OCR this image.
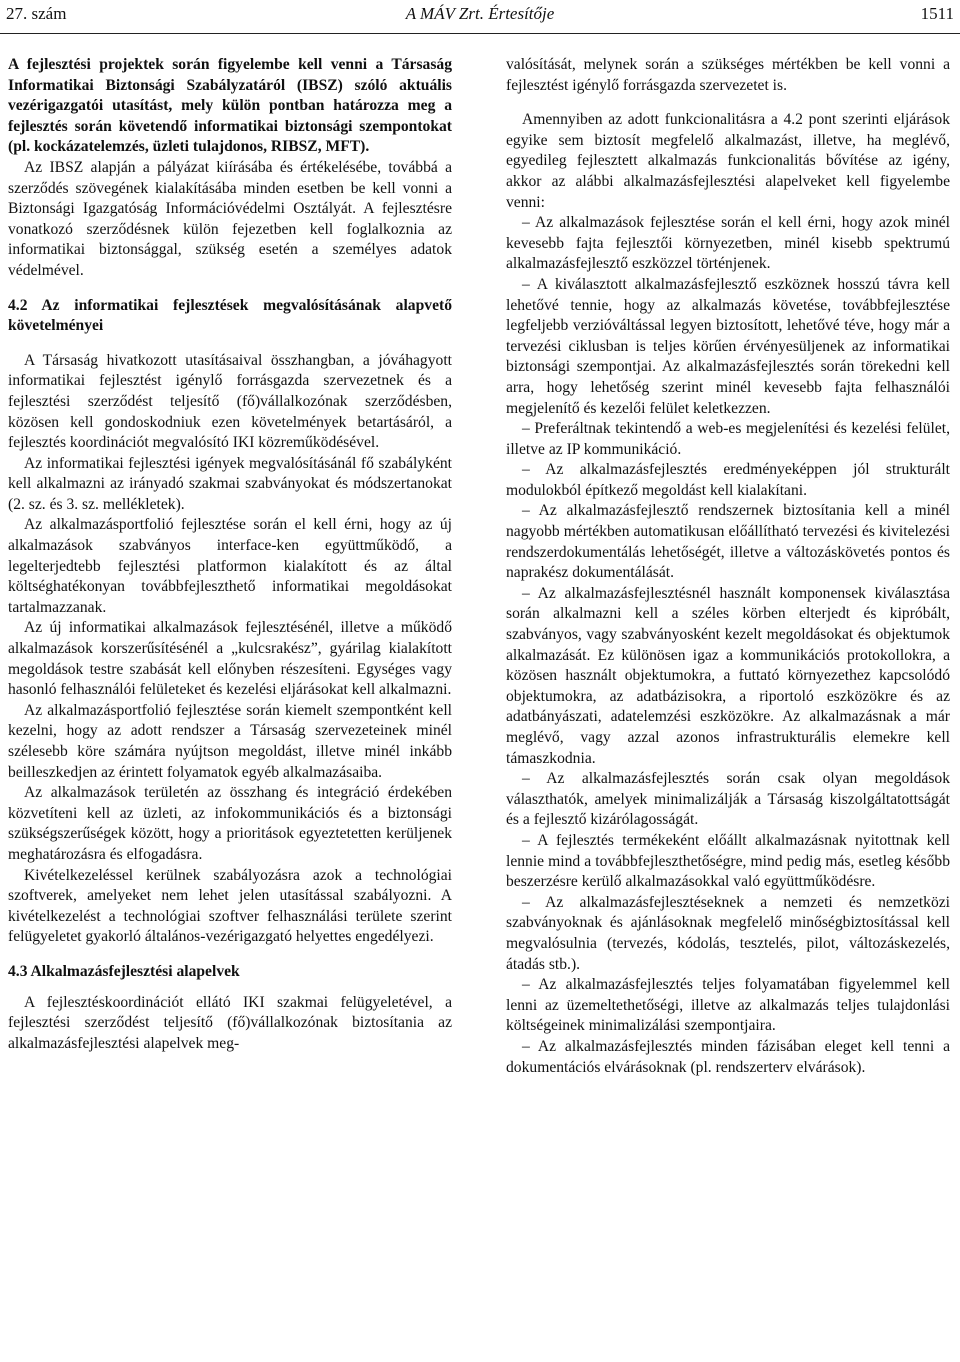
27. szám	A MÁV Zrt. Értesítője	1511

A fejlesztési projektek során figyelembe kell venni a Társaság Informatikai Biztonsági Szabályzatáról (IBSZ) szóló aktuális vezérigazgatói utasítást, mely külön pontban határozza meg a fejlesztés során követendő informatikai biztonsági szempontokat (pl. kockázatelemzés, üzleti tulajdonos, RIBSZ, MFT).

Az IBSZ alapján a pályázat kiírásába és értékelésébe, továbbá a szerződés szövegének kialakításába minden esetben be kell vonni a Biztonsági Igazgatóság Információvédelmi Osztályát. A fejlesztésre vonatkozó szerződésnek külön fejezetben kell foglalkoznia az informatikai biztonsággal, szükség esetén a személyes adatok védelmével.

4.2 Az informatikai fejlesztések megvalósításának alapvető követelményei

A Társaság hivatkozott utasításaival összhangban, a jóváhagyott informatikai fejlesztést igénylő forrásgazda szervezetnek és a fejlesztési szerződést teljesítő (fő)vállalkozónak szerződésben, közösen kell gondoskodniuk ezen követelmények betartásáról, a fejlesztés koordinációt megvalósító IKI közreműködésével.

Az informatikai fejlesztési igények megvalósításánál fő szabályként kell alkalmazni az irányadó szakmai szabványokat és módszertanokat (2. sz. és 3. sz. mellékletek).

Az alkalmazásportfolió fejlesztése során el kell érni, hogy az új alkalmazások szabványos interface-ken együttműködő, a legelterjedtebb fejlesztési platformon kialakított és az által költséghatékonyan továbbfejleszthető informatikai megoldásokat tartalmazzanak.

Az új informatikai alkalmazások fejlesztésénél, illetve a működő alkalmazások korszerűsítésénél a „kulcsrakész”, gyárilag kialakított megoldások testre szabását kell előnyben részesíteni. Egységes vagy hasonló felhasználói felületeket és kezelési eljárásokat kell alkalmazni.

Az alkalmazásportfolió fejlesztése során kiemelt szempontként kell kezelni, hogy az adott rendszer a Társaság szervezeteinek minél szélesebb köre számára nyújtson megoldást, illetve minél inkább beilleszkedjen az érintett folyamatok egyéb alkalmazásaiba.

Az alkalmazások területén az összhang és integráció érdekében közvetíteni kell az üzleti, az infokommunikációs és a biztonsági szükségszerűségek között, hogy a prioritások egyeztetetten kerüljenek meghatározásra és elfogadásra.

Kivételkezeléssel kerülnek szabályozásra azok a technológiai szoftverek, amelyeket nem lehet jelen utasítással szabályozni. A kivételkezelést a technológiai szoftver felhasználási területe szerint felügyeletet gyakorló általános-vezérigazgató helyettes engedélyezi.

4.3 Alkalmazásfejlesztési alapelvek

A fejlesztéskoordinációt ellátó IKI szakmai felügyeletével, a fejlesztési szerződést teljesítő (fő)vállalkozónak biztosítania az alkalmazásfejlesztési alapelvek meg-

valósítását, melynek során a szükséges mértékben be kell vonni a fejlesztést igénylő forrásgazda szervezetet is.

Amennyiben az adott funkcionalitásra a 4.2 pont szerinti eljárások egyike sem biztosít megfelelő alkalmazást, illetve, ha meglévő, egyedileg fejlesztett alkalmazás funkcionalitás bővítése az igény, akkor az alábbi alkalmazásfejlesztési alapelveket kell figyelembe venni:

– Az alkalmazások fejlesztése során el kell érni, hogy azok minél kevesebb fajta fejlesztői környezetben, minél kisebb spektrumú alkalmazásfejlesztő eszközzel történjenek.

– A kiválasztott alkalmazásfejlesztő eszköznek hosszú távra kell lehetővé tennie, hogy az alkalmazás követése, továbbfejlesztése legfeljebb verzióváltással legyen biztosított, lehetővé téve, hogy már a tervezési ciklusban is teljes körűen érvényesüljenek az informatikai biztonsági szempontjai. Az alkalmazásfejlesztés során törekedni kell arra, hogy lehetőség szerint minél kevesebb fajta felhasználói megjelenítő és kezelői felület keletkezzen.

– Preferáltnak tekintendő a web-es megjelenítési és kezelési felület, illetve az IP kommunikáció.

– Az alkalmazásfejlesztés eredményeképpen jól strukturált modulokból építkező megoldást kell kialakítani.

– Az alkalmazásfejlesztő rendszernek biztosítania kell a minél nagyobb mértékben automatikusan előállítható tervezési és kivitelezési rendszerdokumentálás lehetőségét, illetve a változáskövetés pontos és naprakész dokumentálását.

– Az alkalmazásfejlesztésnél használt komponensek kiválasztása során alkalmazni kell a széles körben elterjedt és kipróbált, szabványos, vagy szabványosként kezelt megoldásokat és objektumok alkalmazását. Ez különösen igaz a kommunikációs protokollokra, a közösen használt objektumokra, a futtató környezethez kapcsolódó objektumokra, az adatbázisokra, a riportoló eszközökre és az adatbányászati, adatelemzési eszközökre. Az alkalmazásnak a már meglévő, vagy azzal azonos infrastrukturális elemekre kell támaszkodnia.

– Az alkalmazásfejlesztés során csak olyan megoldások választhatók, amelyek minimalizálják a Társaság kiszolgáltatottságát és a fejlesztő kizárólagosságát.

– A fejlesztés termékeként előállt alkalmazásnak nyitottnak kell lennie mind a továbbfejleszthetőségre, mind pedig más, esetleg később beszerzésre kerülő alkalmazásokkal való együttműködésre.

– Az alkalmazásfejlesztéseknek a nemzeti és nemzetközi szabványoknak és ajánlásoknak megfelelő minőségbiztosítással kell megvalósulnia (tervezés, kódolás, tesztelés, pilot, változáskezelés, átadás stb.).

– Az alkalmazásfejlesztés teljes folyamatában figyelemmel kell lenni az üzemeltethetőségi, illetve az alkalmazás teljes tulajdonlási költségeinek minimalizálási szempontjaira.

– Az alkalmazásfejlesztés minden fázisában eleget kell tenni a dokumentációs elvárásoknak (pl. rendszerterv elvárások).
